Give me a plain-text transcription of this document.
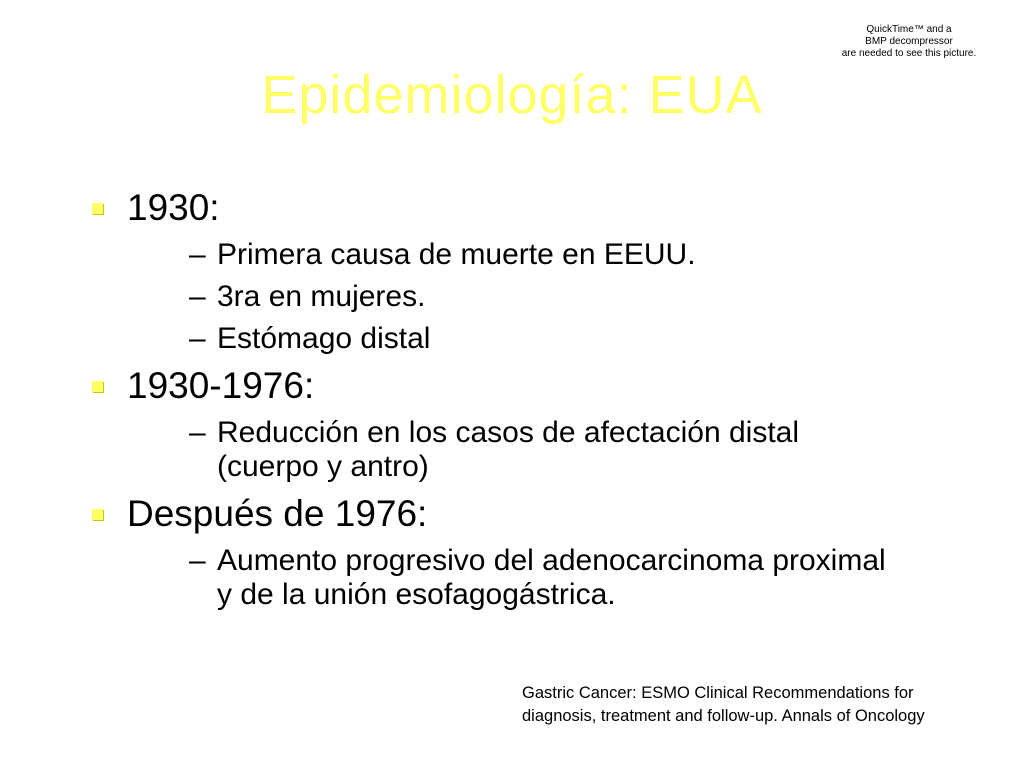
QuickTime™ and a
BMP decompressor
are needed to see this picture.
Epidemiología: EUA
1930:
– Primera causa de muerte en EEUU.
– 3ra en mujeres.
– Estómago distal
1930-1976:
– Reducción en los casos de afectación distal (cuerpo y antro)
Después de 1976:
– Aumento progresivo del adenocarcinoma proximal y de la unión esofagogástrica.
Gastric Cancer: ESMO Clinical Recommendations for
diagnosis, treatment and follow-up. Annals of Oncology
